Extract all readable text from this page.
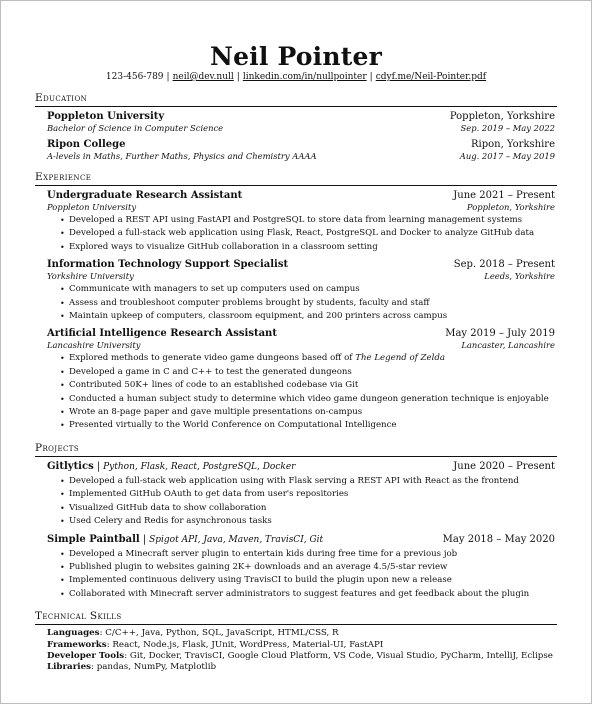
Neil Pointer
123-456-789 | neil@dev.null | linkedin.com/in/nullpointer | cdyf.me/Neil-Pointer.pdf
Education
Poppleton University	Poppleton, Yorkshire
Bachelor of Science in Computer Science	Sep. 2019 – May 2022
Ripon College	Ripon, Yorkshire
A-levels in Maths, Further Maths, Physics and Chemistry AAAA	Aug. 2017 – May 2019
Experience
Undergraduate Research Assistant	June 2021 – Present
Poppleton University	Poppleton, Yorkshire
• Developed a REST API using FastAPI and PostgreSQL to store data from learning management systems
• Developed a full-stack web application using Flask, React, PostgreSQL and Docker to analyze GitHub data
• Explored ways to visualize GitHub collaboration in a classroom setting
Information Technology Support Specialist	Sep. 2018 – Present
Yorkshire University	Leeds, Yorkshire
• Communicate with managers to set up computers used on campus
• Assess and troubleshoot computer problems brought by students, faculty and staff
• Maintain upkeep of computers, classroom equipment, and 200 printers across campus
Artificial Intelligence Research Assistant	May 2019 – July 2019
Lancashire University	Lancaster, Lancashire
• Explored methods to generate video game dungeons based off of The Legend of Zelda
• Developed a game in C and C++ to test the generated dungeons
• Contributed 50K+ lines of code to an established codebase via Git
• Conducted a human subject study to determine which video game dungeon generation technique is enjoyable
• Wrote an 8-page paper and gave multiple presentations on-campus
• Presented virtually to the World Conference on Computational Intelligence
Projects
Gitlytics | Python, Flask, React, PostgreSQL, Docker	June 2020 – Present
• Developed a full-stack web application using with Flask serving a REST API with React as the frontend
• Implemented GitHub OAuth to get data from user's repositories
• Visualized GitHub data to show collaboration
• Used Celery and Redis for asynchronous tasks
Simple Paintball | Spigot API, Java, Maven, TravisCI, Git	May 2018 – May 2020
• Developed a Minecraft server plugin to entertain kids during free time for a previous job
• Published plugin to websites gaining 2K+ downloads and an average 4.5/5-star review
• Implemented continuous delivery using TravisCI to build the plugin upon new a release
• Collaborated with Minecraft server administrators to suggest features and get feedback about the plugin
Technical Skills
Languages: C/C++, Java, Python, SQL, JavaScript, HTML/CSS, R
Frameworks: React, Node.js, Flask, JUnit, WordPress, Material-UI, FastAPI
Developer Tools: Git, Docker, TravisCI, Google Cloud Platform, VS Code, Visual Studio, PyCharm, IntelliJ, Eclipse
Libraries: pandas, NumPy, Matplotlib
